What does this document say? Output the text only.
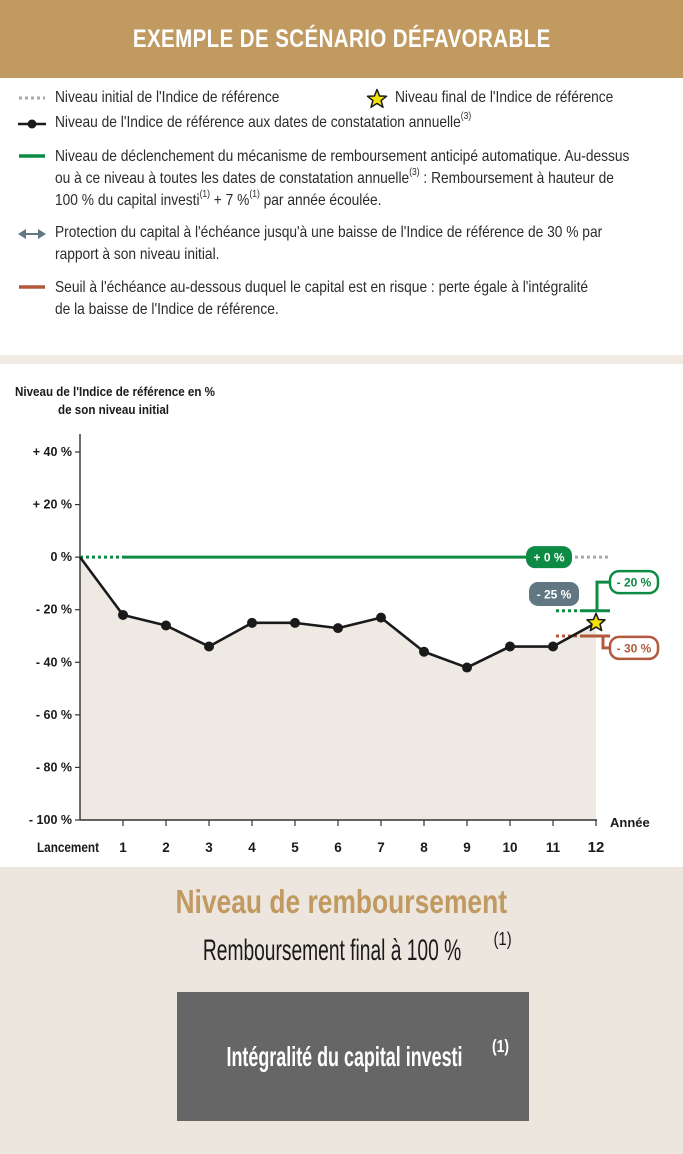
EXEMPLE DE SCÉNARIO DÉFAVORABLE
Niveau initial de l'Indice de référence	Niveau final de l'Indice de référence
Niveau de l'Indice de référence aux dates de constatation annuelle$^{(3)}$
Niveau de déclenchement du mécanisme de remboursement anticipé automatique. Au-dessus
ou à ce niveau à toutes les dates de constatation annuelle$^{(3)}$ : Remboursement à hauteur de
100 % du capital investi$^{(1)}$ + 7 %$^{(1)}$ par année écoulée.
Protection du capital à l'échéance jusqu'à une baisse de l'Indice de référence de 30 % par
rapport à son niveau initial.
Seuil à l'échéance au-dessous duquel le capital est en risque : perte égale à l'intégralité
de la baisse de l'Indice de référence.
Niveau de l'Indice de référence en %
de son niveau initial
+ 40 %
+ 20 %
0 %
- 20 %
- 40 %
- 60 %
- 80 %
- 100 %
Lancement 1	2	3	4	5	6	7	8	9 10 11 12
Année
+ 0 %
- 20 %
- 30 %
- 25 %
Niveau de remboursement
Remboursement final à 100 % $^{(1)}$
Intégralité du capital investi $^{(1)}$
